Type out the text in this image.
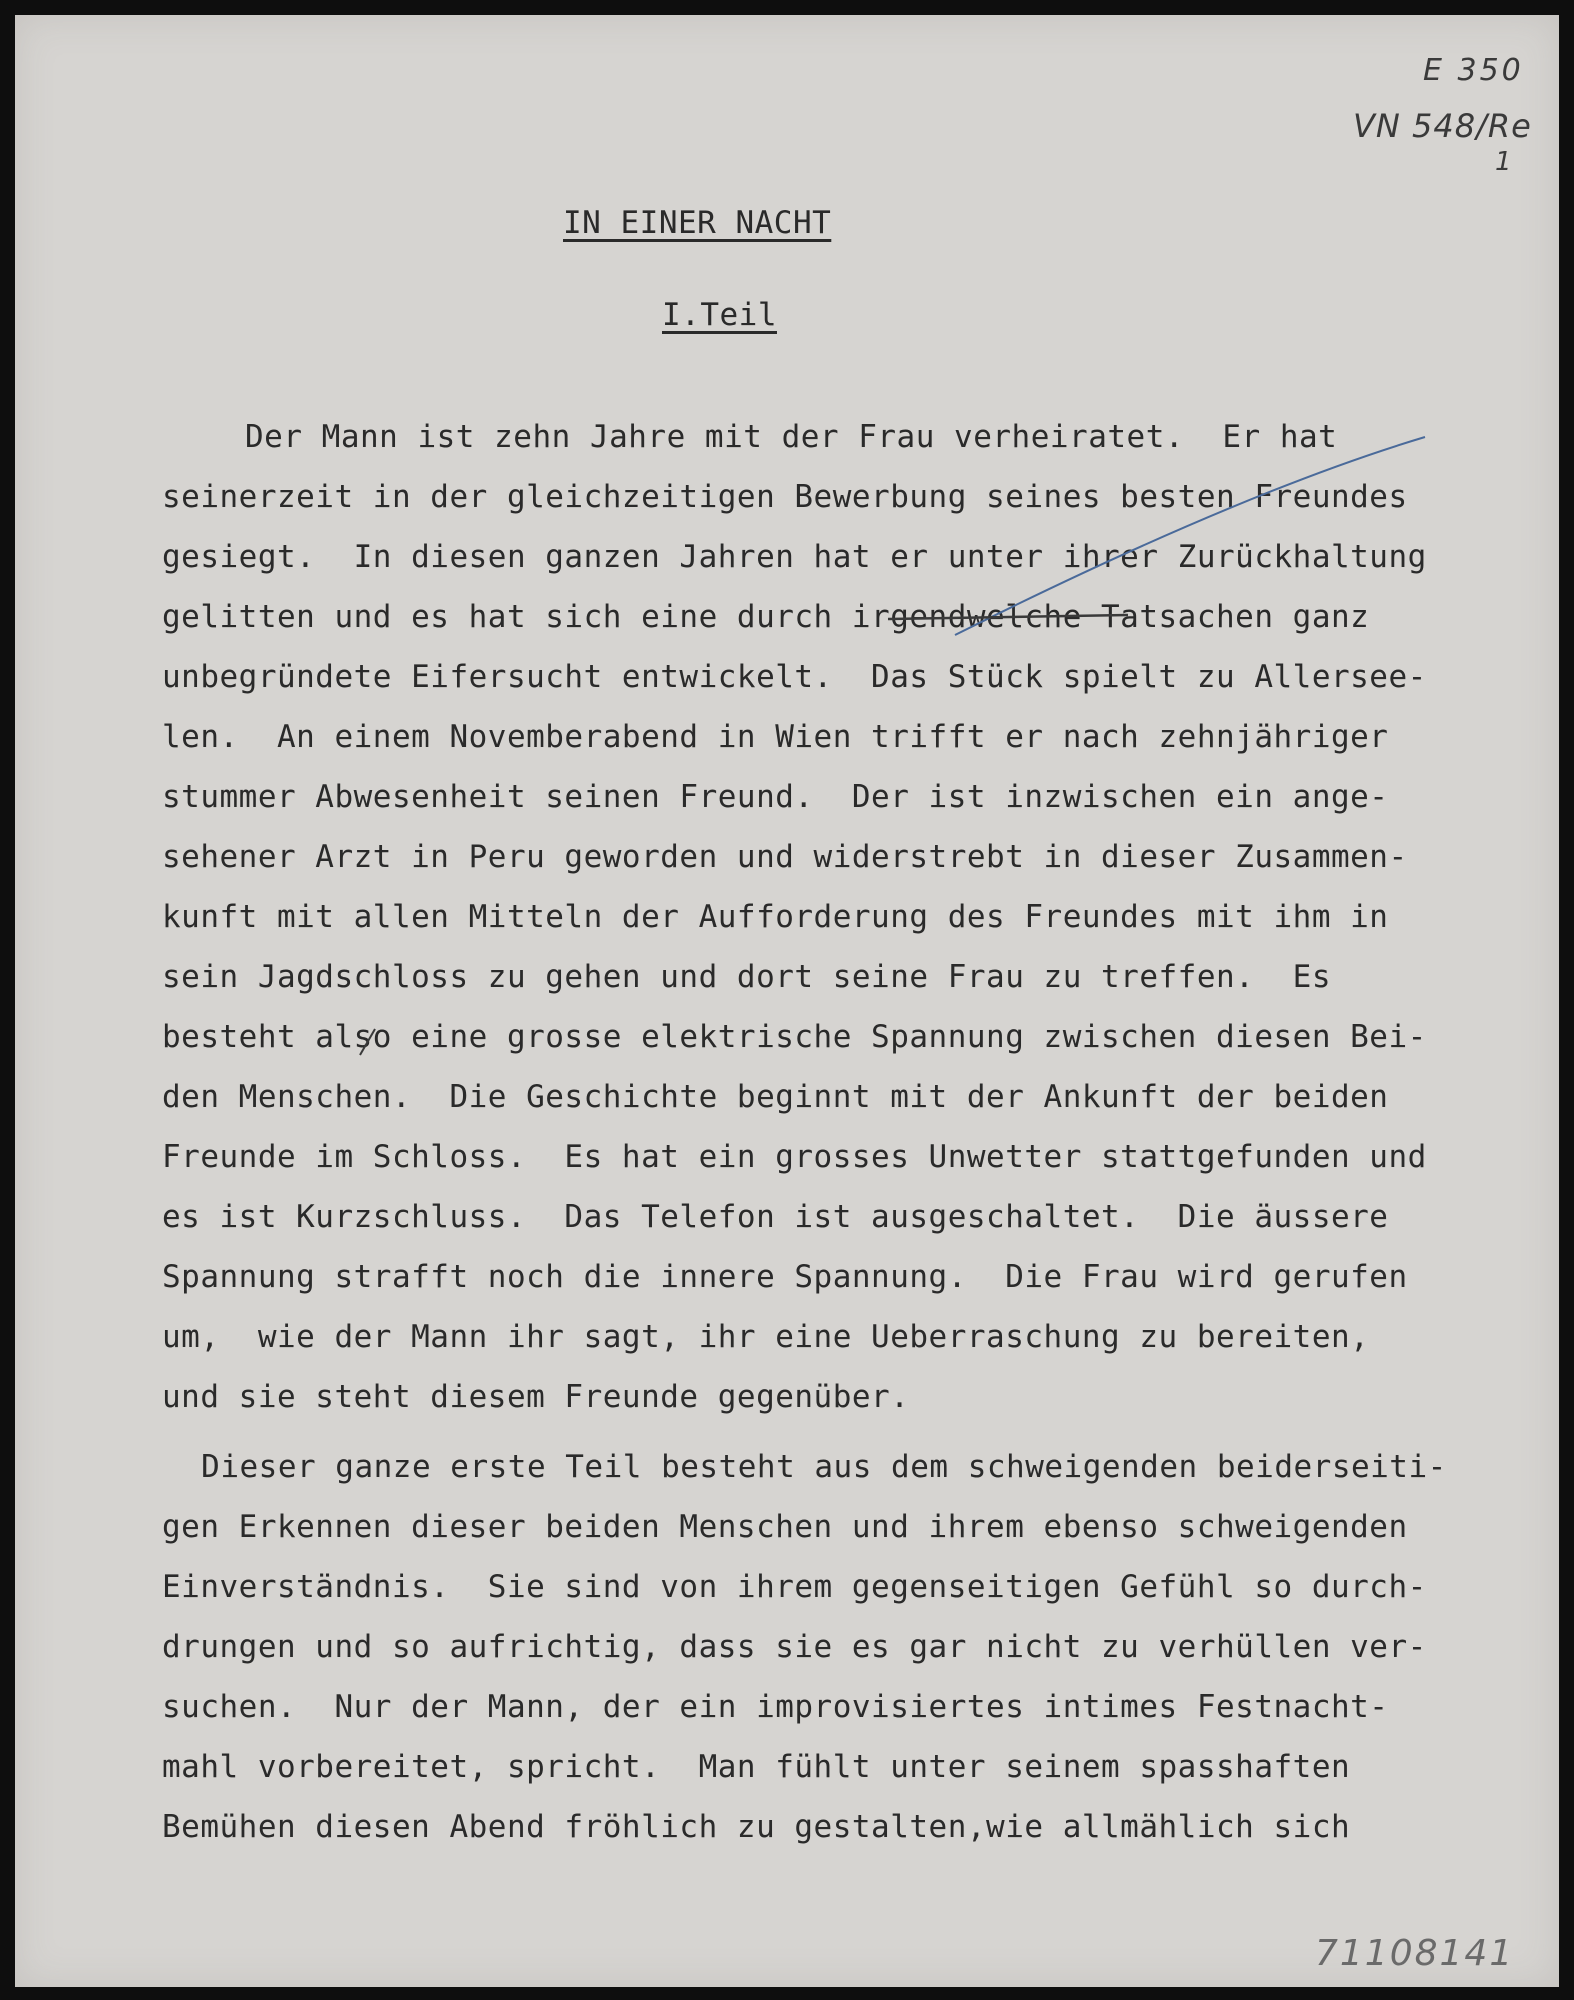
E 350
VN 548/Re
1
IN EINER NACHT
I.Teil
Der Mann ist zehn Jahre mit der Frau verheiratet.  Er hat
seinerzeit in der gleichzeitigen Bewerbung seines besten Freundes
gesiegt.  In diesen ganzen Jahren hat er unter ihrer Zurückhaltung
gelitten und es hat sich eine durch irgendwelche Tatsachen ganz
unbegründete Eifersucht entwickelt.  Das Stück spielt zu Allersee-
len.  An einem Novemberabend in Wien trifft er nach zehnjähriger
stummer Abwesenheit seinen Freund.  Der ist inzwischen ein ange-
sehener Arzt in Peru geworden und widerstrebt in dieser Zusammen-
kunft mit allen Mitteln der Aufforderung des Freundes mit ihm in
sein Jagdschloss zu gehen und dort seine Frau zu treffen.  Es
besteht also eine grosse elektrische Spannung zwischen diesen Bei-
den Menschen.  Die Geschichte beginnt mit der Ankunft der beiden
Freunde im Schloss.  Es hat ein grosses Unwetter stattgefunden und
es ist Kurzschluss.  Das Telefon ist ausgeschaltet.  Die äussere
Spannung strafft noch die innere Spannung.  Die Frau wird gerufen
um,  wie der Mann ihr sagt, ihr eine Ueberraschung zu bereiten,
und sie steht diesem Freunde gegenüber.
Dieser ganze erste Teil besteht aus dem schweigenden beiderseiti-
gen Erkennen dieser beiden Menschen und ihrem ebenso schweigenden
Einverständnis.  Sie sind von ihrem gegenseitigen Gefühl so durch-
drungen und so aufrichtig, dass sie es gar nicht zu verhüllen ver-
suchen.  Nur der Mann, der ein improvisiertes intimes Festnacht-
mahl vorbereitet, spricht.  Man fühlt unter seinem spasshaften
Bemühen diesen Abend fröhlich zu gestalten,wie allmählich sich
71108141
